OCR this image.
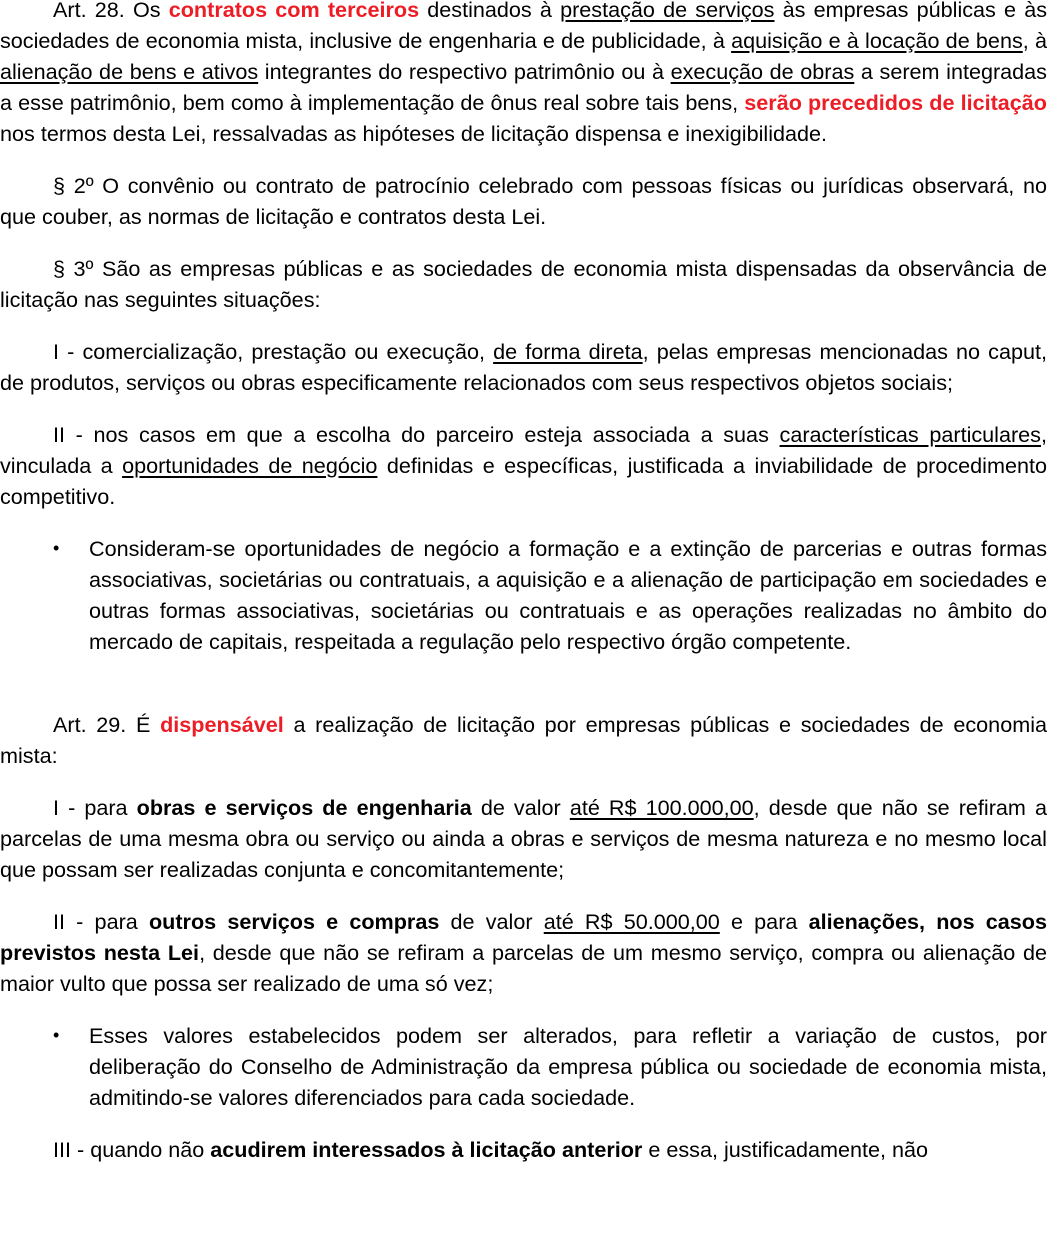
Art. 28. Os contratos com terceiros destinados à prestação de serviços às empresas públicas e às sociedades de economia mista, inclusive de engenharia e de publicidade, à aquisição e à locação de bens, à alienação de bens e ativos integrantes do respectivo patrimônio ou à execução de obras a serem integradas a esse patrimônio, bem como à implementação de ônus real sobre tais bens, serão precedidos de licitação nos termos desta Lei, ressalvadas as hipóteses de licitação dispensa e inexigibilidade.

§ 2º O convênio ou contrato de patrocínio celebrado com pessoas físicas ou jurídicas observará, no que couber, as normas de licitação e contratos desta Lei.

§ 3º São as empresas públicas e as sociedades de economia mista dispensadas da observância de licitação nas seguintes situações:

I - comercialização, prestação ou execução, de forma direta, pelas empresas mencionadas no caput, de produtos, serviços ou obras especificamente relacionados com seus respectivos objetos sociais;

II - nos casos em que a escolha do parceiro esteja associada a suas características particulares, vinculada a oportunidades de negócio definidas e específicas, justificada a inviabilidade de procedimento competitivo.

• Consideram-se oportunidades de negócio a formação e a extinção de parcerias e outras formas associativas, societárias ou contratuais, a aquisição e a alienação de participação em sociedades e outras formas associativas, societárias ou contratuais e as operações realizadas no âmbito do mercado de capitais, respeitada a regulação pelo respectivo órgão competente.

Art. 29. É dispensável a realização de licitação por empresas públicas e sociedades de economia mista:

I - para obras e serviços de engenharia de valor até R$ 100.000,00, desde que não se refiram a parcelas de uma mesma obra ou serviço ou ainda a obras e serviços de mesma natureza e no mesmo local que possam ser realizadas conjunta e concomitantemente;

II - para outros serviços e compras de valor até R$ 50.000,00 e para alienações, nos casos previstos nesta Lei, desde que não se refiram a parcelas de um mesmo serviço, compra ou alienação de maior vulto que possa ser realizado de uma só vez;

• Esses valores estabelecidos podem ser alterados, para refletir a variação de custos, por deliberação do Conselho de Administração da empresa pública ou sociedade de economia mista, admitindo-se valores diferenciados para cada sociedade.

III - quando não acudirem interessados à licitação anterior e essa, justificadamente, não
